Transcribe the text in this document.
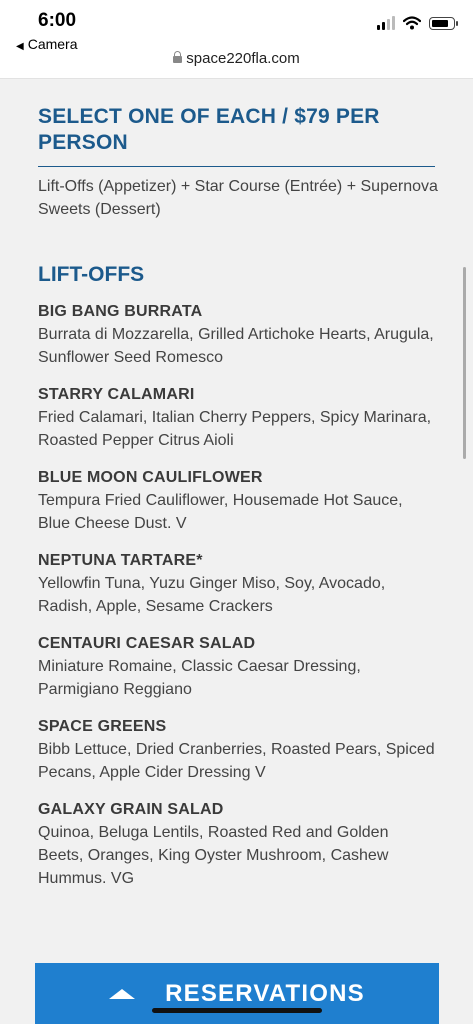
6:00
◀ Camera
space220fla.com
SELECT ONE OF EACH / $79 PER PERSON

Lift-Offs (Appetizer) + Star Course (Entrée) + Supernova Sweets (Dessert)

LIFT-OFFS
BIG BANG BURRATA
Burrata di Mozzarella, Grilled Artichoke Hearts, Arugula, Sunflower Seed Romesco
STARRY CALAMARI
Fried Calamari, Italian Cherry Peppers, Spicy Marinara, Roasted Pepper Citrus Aioli
BLUE MOON CAULIFLOWER
Tempura Fried Cauliflower, Housemade Hot Sauce, Blue Cheese Dust. V
NEPTUNA TARTARE*
Yellowfin Tuna, Yuzu Ginger Miso, Soy, Avocado, Radish, Apple, Sesame Crackers
CENTAURI CAESAR SALAD
Miniature Romaine, Classic Caesar Dressing, Parmigiano Reggiano
SPACE GREENS
Bibb Lettuce, Dried Cranberries, Roasted Pears, Spiced Pecans, Apple Cider Dressing V
GALAXY GRAIN SALAD
Quinoa, Beluga Lentils, Roasted Red and Golden Beets, Oranges, King Oyster Mushroom, Cashew Hummus. VG
RESERVATIONS
